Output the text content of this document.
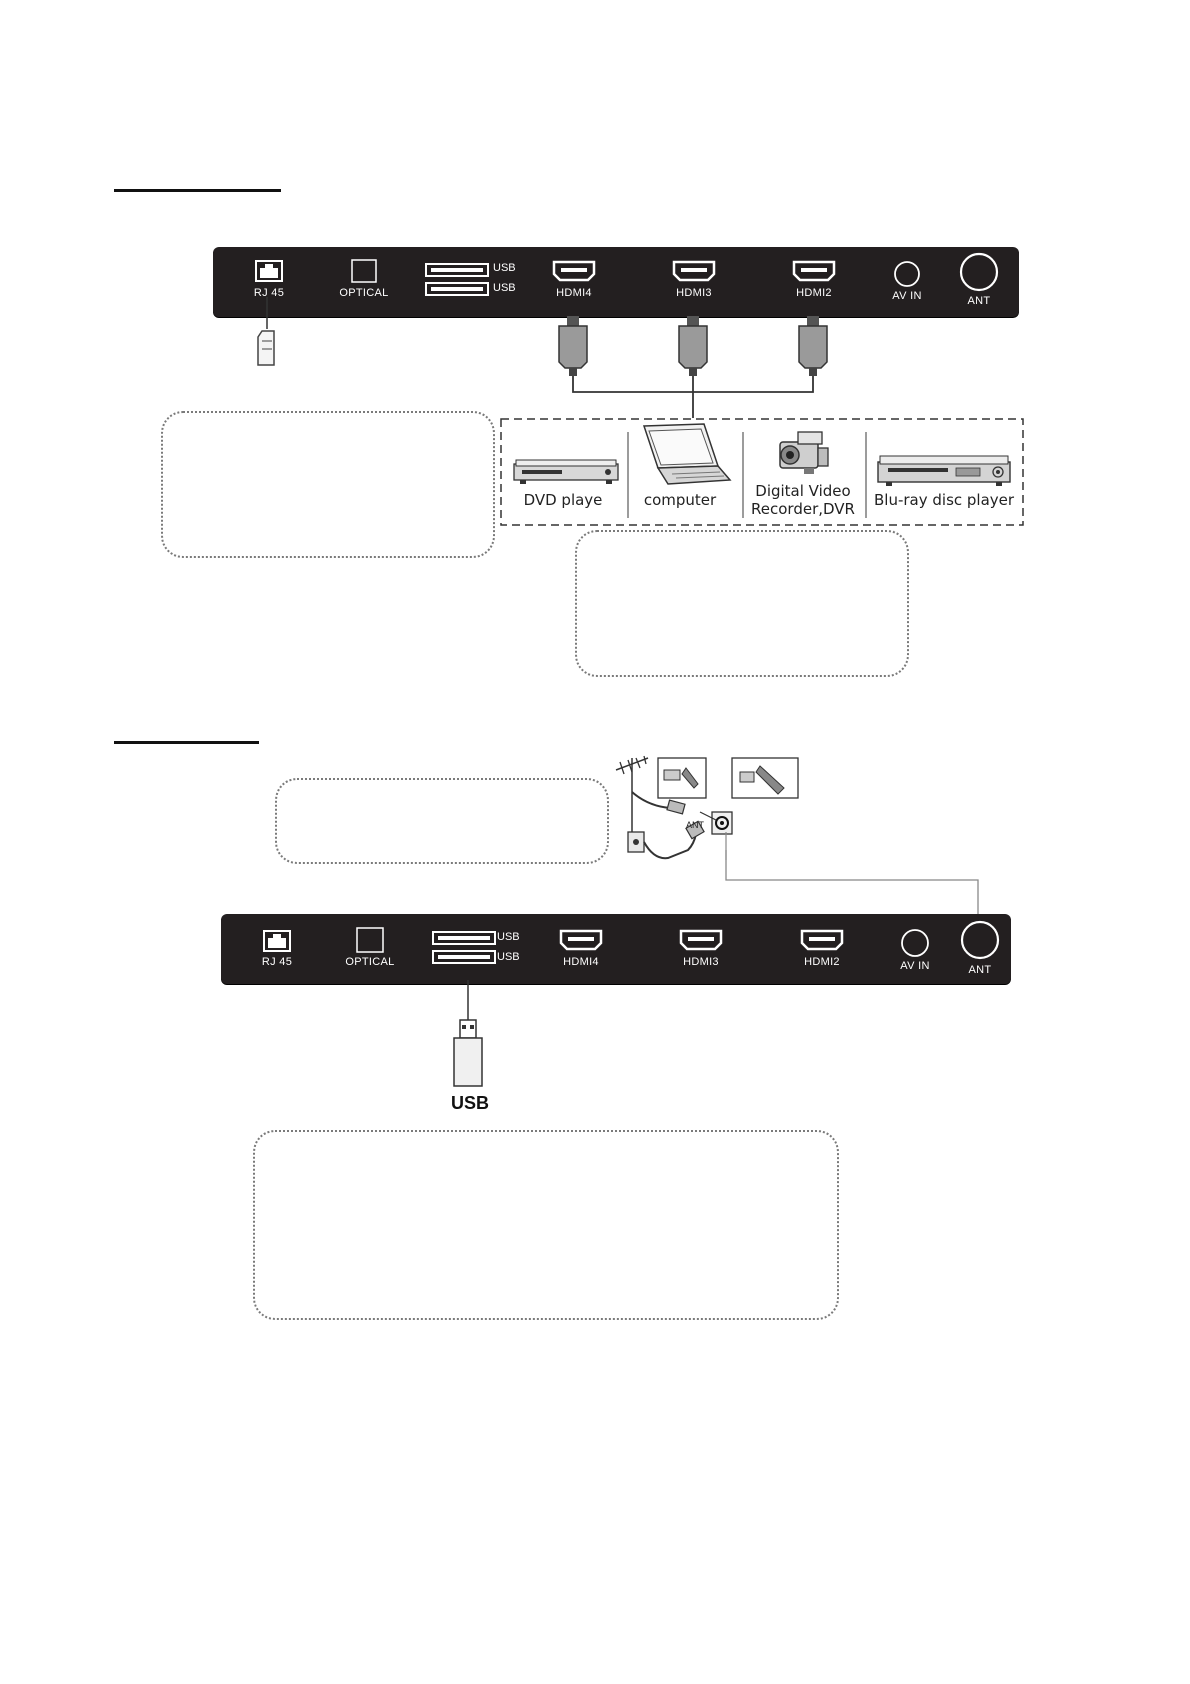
RJ 45	OPTICAL
USB
USB	HDMI4	HDMI3	HDMI2	AV IN	ANT
DVD playe	computer	Digital Video
Recorder,DVR Blu-ray disc player
ANT
RJ 45	OPTICAL
USB
USB	HDMI4	HDMI3	HDMI2	AV IN	ANT
USB
